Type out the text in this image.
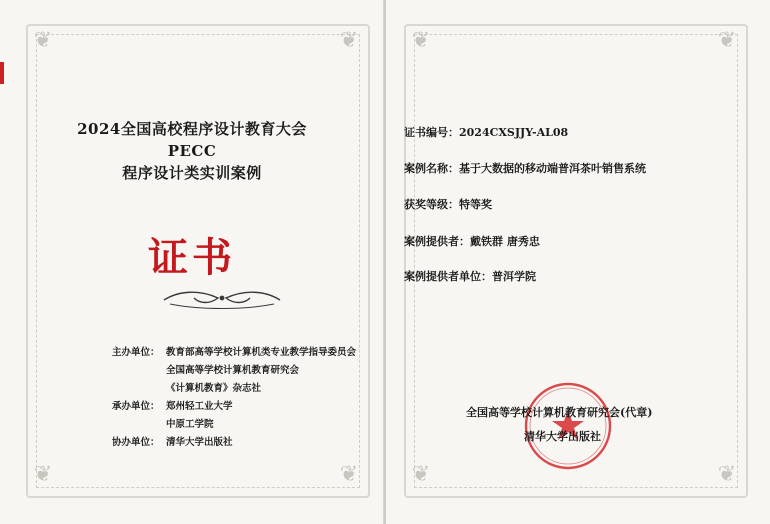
❦
❦
❦
❦
2024全国高校程序设计教育大会
PECC
程序设计类实训案例
证书
主办单位： 教育部高等学校计算机类专业教学指导委员会
全国高等学校计算机教育研究会
《计算机教育》杂志社
承办单位： 郑州轻工业大学
中原工学院
协办单位： 清华大学出版社
❦
❦
❦
❦
证书编号：2024CXSJJY-AL08
案例名称：基于大数据的移动端普洱茶叶销售系统
获奖等级：特等奖
案例提供者：戴铁群 唐秀忠
案例提供者单位：普洱学院
全国高等学校计算机教育研究会(代章)
清华大学出版社
